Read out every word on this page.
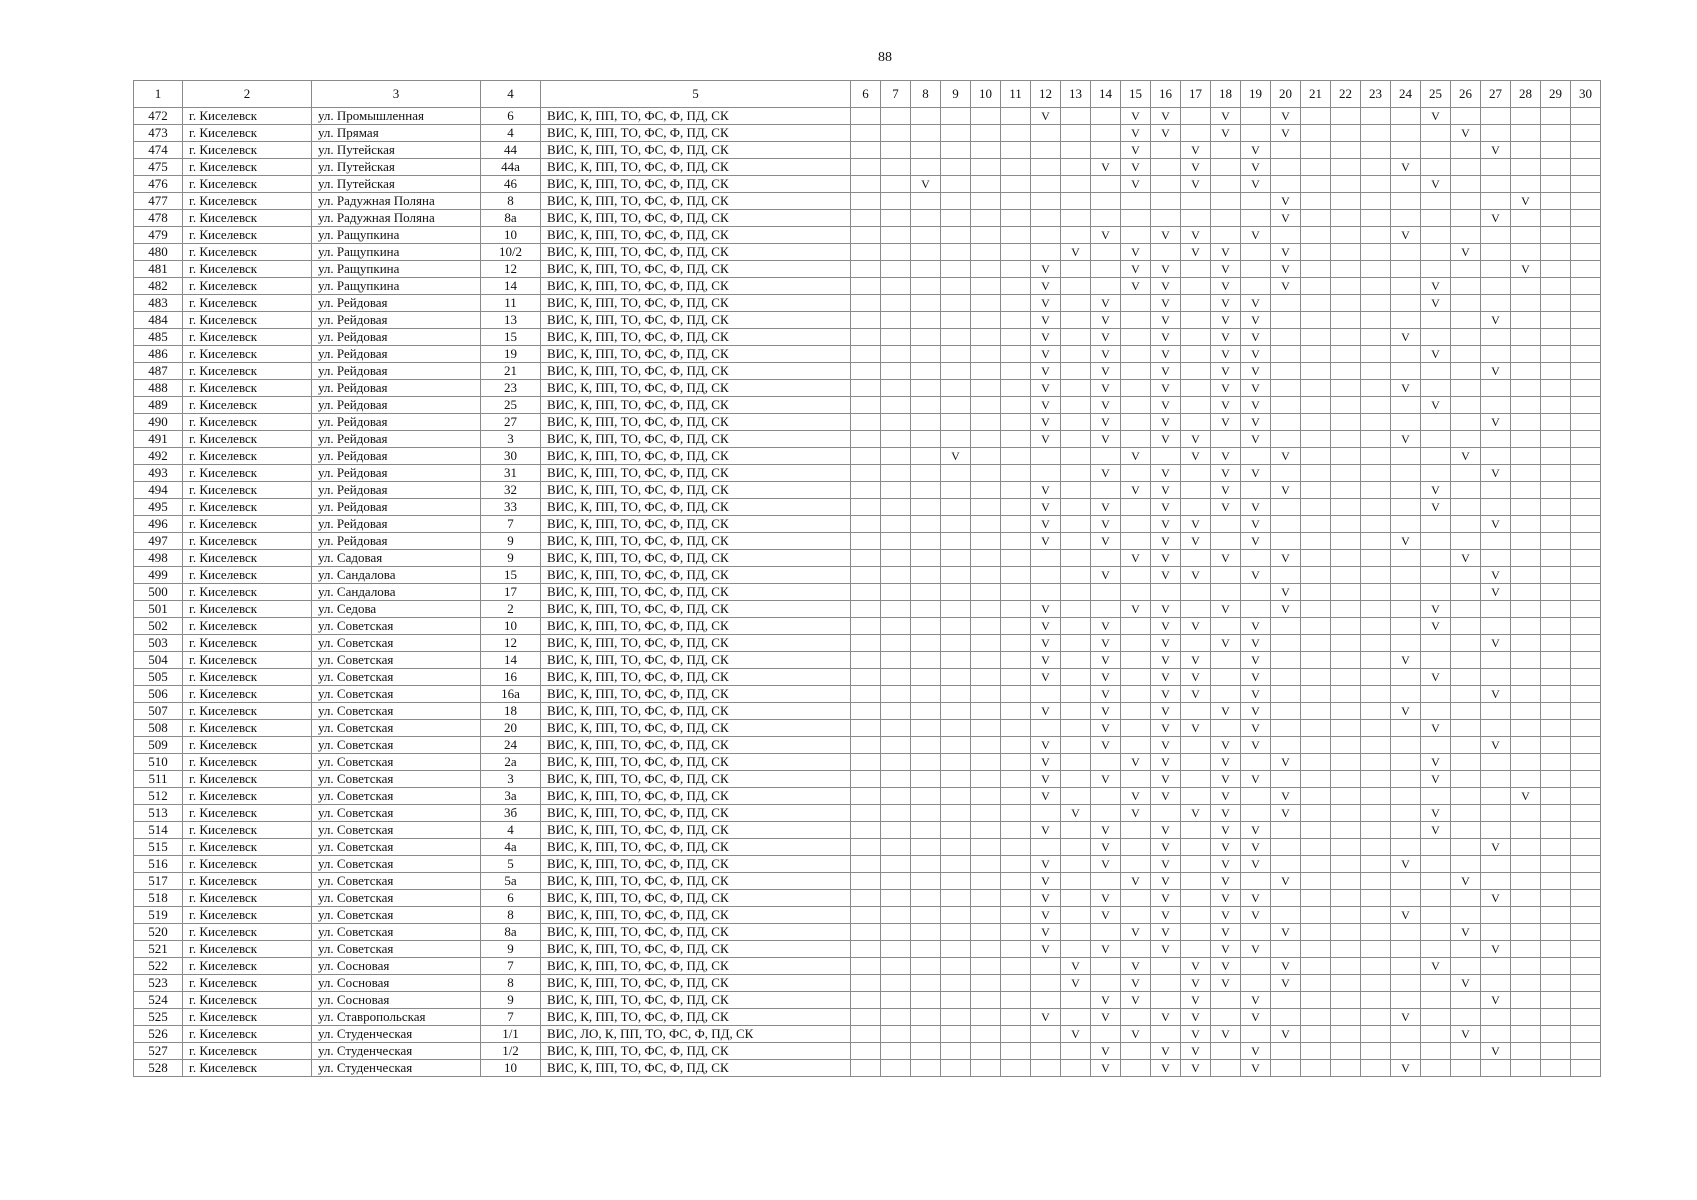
88
1	2	3	4	5	6	7	8	9	10	11	12	13	14	15	16	17	18	19	20	21	22	23	24	25	26	27	28	29	30
472	г. Киселевск	ул. Промышленная	6	ВИС, К, ПП, ТО, ФС, Ф, ПД, СК							V			V	V		V		V					V					
473	г. Киселевск	ул. Прямая	4	ВИС, К, ПП, ТО, ФС, Ф, ПД, СК										V	V		V		V						V				
474	г. Киселевск	ул. Путейская	44	ВИС, К, ПП, ТО, ФС, Ф, ПД, СК										V		V		V								V			
475	г. Киселевск	ул. Путейская	44а	ВИС, К, ПП, ТО, ФС, Ф, ПД, СК									V	V		V		V					V						
476	г. Киселевск	ул. Путейская	46	ВИС, К, ПП, ТО, ФС, Ф, ПД, СК			V							V		V		V						V					
477	г. Киселевск	ул. Радужная Поляна	8	ВИС, К, ПП, ТО, ФС, Ф, ПД, СК															V								V		
478	г. Киселевск	ул. Радужная Поляна	8а	ВИС, К, ПП, ТО, ФС, Ф, ПД, СК															V							V			
479	г. Киселевск	ул. Ращупкина	10	ВИС, К, ПП, ТО, ФС, Ф, ПД, СК									V		V	V		V					V						
480	г. Киселевск	ул. Ращупкина	10/2	ВИС, К, ПП, ТО, ФС, Ф, ПД, СК								V		V		V	V		V						V				
481	г. Киселевск	ул. Ращупкина	12	ВИС, К, ПП, ТО, ФС, Ф, ПД, СК							V			V	V		V		V								V		
482	г. Киселевск	ул. Ращупкина	14	ВИС, К, ПП, ТО, ФС, Ф, ПД, СК							V			V	V		V		V					V					
483	г. Киселевск	ул. Рейдовая	11	ВИС, К, ПП, ТО, ФС, Ф, ПД, СК							V		V		V		V	V						V					
484	г. Киселевск	ул. Рейдовая	13	ВИС, К, ПП, ТО, ФС, Ф, ПД, СК							V		V		V		V	V								V			
485	г. Киселевск	ул. Рейдовая	15	ВИС, К, ПП, ТО, ФС, Ф, ПД, СК							V		V		V		V	V					V						
486	г. Киселевск	ул. Рейдовая	19	ВИС, К, ПП, ТО, ФС, Ф, ПД, СК							V		V		V		V	V						V					
487	г. Киселевск	ул. Рейдовая	21	ВИС, К, ПП, ТО, ФС, Ф, ПД, СК							V		V		V		V	V								V			
488	г. Киселевск	ул. Рейдовая	23	ВИС, К, ПП, ТО, ФС, Ф, ПД, СК							V		V		V		V	V					V						
489	г. Киселевск	ул. Рейдовая	25	ВИС, К, ПП, ТО, ФС, Ф, ПД, СК							V		V		V		V	V						V					
490	г. Киселевск	ул. Рейдовая	27	ВИС, К, ПП, ТО, ФС, Ф, ПД, СК							V		V		V		V	V								V			
491	г. Киселевск	ул. Рейдовая	3	ВИС, К, ПП, ТО, ФС, Ф, ПД, СК							V		V		V	V		V					V						
492	г. Киселевск	ул. Рейдовая	30	ВИС, К, ПП, ТО, ФС, Ф, ПД, СК				V						V		V	V		V						V				
493	г. Киселевск	ул. Рейдовая	31	ВИС, К, ПП, ТО, ФС, Ф, ПД, СК									V		V		V	V								V			
494	г. Киселевск	ул. Рейдовая	32	ВИС, К, ПП, ТО, ФС, Ф, ПД, СК							V			V	V		V		V					V					
495	г. Киселевск	ул. Рейдовая	33	ВИС, К, ПП, ТО, ФС, Ф, ПД, СК							V		V		V		V	V						V					
496	г. Киселевск	ул. Рейдовая	7	ВИС, К, ПП, ТО, ФС, Ф, ПД, СК							V		V		V	V		V								V			
497	г. Киселевск	ул. Рейдовая	9	ВИС, К, ПП, ТО, ФС, Ф, ПД, СК							V		V		V	V		V					V						
498	г. Киселевск	ул. Садовая	9	ВИС, К, ПП, ТО, ФС, Ф, ПД, СК										V	V		V		V						V				
499	г. Киселевск	ул. Сандалова	15	ВИС, К, ПП, ТО, ФС, Ф, ПД, СК									V		V	V		V								V			
500	г. Киселевск	ул. Сандалова	17	ВИС, К, ПП, ТО, ФС, Ф, ПД, СК															V							V			
501	г. Киселевск	ул. Седова	2	ВИС, К, ПП, ТО, ФС, Ф, ПД, СК							V			V	V		V		V					V					
502	г. Киселевск	ул. Советская	10	ВИС, К, ПП, ТО, ФС, Ф, ПД, СК							V		V		V	V		V						V					
503	г. Киселевск	ул. Советская	12	ВИС, К, ПП, ТО, ФС, Ф, ПД, СК							V		V		V		V	V								V			
504	г. Киселевск	ул. Советская	14	ВИС, К, ПП, ТО, ФС, Ф, ПД, СК							V		V		V	V		V					V						
505	г. Киселевск	ул. Советская	16	ВИС, К, ПП, ТО, ФС, Ф, ПД, СК							V		V		V	V		V						V					
506	г. Киселевск	ул. Советская	16а	ВИС, К, ПП, ТО, ФС, Ф, ПД, СК									V		V	V		V								V			
507	г. Киселевск	ул. Советская	18	ВИС, К, ПП, ТО, ФС, Ф, ПД, СК							V		V		V		V	V					V						
508	г. Киселевск	ул. Советская	20	ВИС, К, ПП, ТО, ФС, Ф, ПД, СК									V		V	V		V						V					
509	г. Киселевск	ул. Советская	24	ВИС, К, ПП, ТО, ФС, Ф, ПД, СК							V		V		V		V	V								V			
510	г. Киселевск	ул. Советская	2а	ВИС, К, ПП, ТО, ФС, Ф, ПД, СК							V			V	V		V		V					V					
511	г. Киселевск	ул. Советская	3	ВИС, К, ПП, ТО, ФС, Ф, ПД, СК							V		V		V		V	V						V					
512	г. Киселевск	ул. Советская	3а	ВИС, К, ПП, ТО, ФС, Ф, ПД, СК							V			V	V		V		V								V		
513	г. Киселевск	ул. Советская	3б	ВИС, К, ПП, ТО, ФС, Ф, ПД, СК								V		V		V	V		V					V					
514	г. Киселевск	ул. Советская	4	ВИС, К, ПП, ТО, ФС, Ф, ПД, СК							V		V		V		V	V						V					
515	г. Киселевск	ул. Советская	4а	ВИС, К, ПП, ТО, ФС, Ф, ПД, СК									V		V		V	V								V			
516	г. Киселевск	ул. Советская	5	ВИС, К, ПП, ТО, ФС, Ф, ПД, СК							V		V		V		V	V					V						
517	г. Киселевск	ул. Советская	5а	ВИС, К, ПП, ТО, ФС, Ф, ПД, СК							V			V	V		V		V						V				
518	г. Киселевск	ул. Советская	6	ВИС, К, ПП, ТО, ФС, Ф, ПД, СК							V		V		V		V	V								V			
519	г. Киселевск	ул. Советская	8	ВИС, К, ПП, ТО, ФС, Ф, ПД, СК							V		V		V		V	V					V						
520	г. Киселевск	ул. Советская	8а	ВИС, К, ПП, ТО, ФС, Ф, ПД, СК							V			V	V		V		V						V				
521	г. Киселевск	ул. Советская	9	ВИС, К, ПП, ТО, ФС, Ф, ПД, СК							V		V		V		V	V								V			
522	г. Киселевск	ул. Сосновая	7	ВИС, К, ПП, ТО, ФС, Ф, ПД, СК								V		V		V	V		V					V					
523	г. Киселевск	ул. Сосновая	8	ВИС, К, ПП, ТО, ФС, Ф, ПД, СК								V		V		V	V		V						V				
524	г. Киселевск	ул. Сосновая	9	ВИС, К, ПП, ТО, ФС, Ф, ПД, СК									V	V		V		V								V			
525	г. Киселевск	ул. Ставропольская	7	ВИС, К, ПП, ТО, ФС, Ф, ПД, СК							V		V		V	V		V					V						
526	г. Киселевск	ул. Студенческая	1/1	ВИС, ЛО, К, ПП, ТО, ФС, Ф, ПД, СК								V		V		V	V		V						V				
527	г. Киселевск	ул. Студенческая	1/2	ВИС, К, ПП, ТО, ФС, Ф, ПД, СК									V		V	V		V								V			
528	г. Киселевск	ул. Студенческая	10	ВИС, К, ПП, ТО, ФС, Ф, ПД, СК									V		V	V		V					V						
